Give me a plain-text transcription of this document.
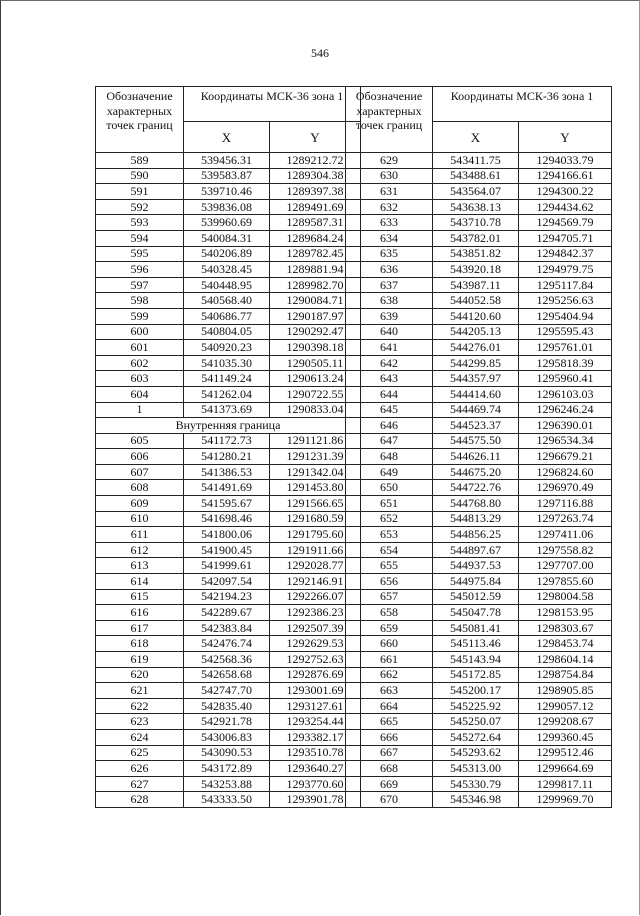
546
Обозначение характерных точек границ	Координаты МСК-36 зона 1	
	X	Y
589	539456.31	1289212.72
590	539583.87	1289304.38
591	539710.46	1289397.38
592	539836.08	1289491.69
593	539960.69	1289587.31
594	540084.31	1289684.24
595	540206.89	1289782.45
596	540328.45	1289881.94
597	540448.95	1289982.70
598	540568.40	1290084.71
599	540686.77	1290187.97
600	540804.05	1290292.47
601	540920.23	1290398.18
602	541035.30	1290505.11
603	541149.24	1290613.24
604	541262.04	1290722.55
1	541373.69	1290833.04
Внутренняя граница		
605	541172.73	1291121.86
606	541280.21	1291231.39
607	541386.53	1291342.04
608	541491.69	1291453.80
609	541595.67	1291566.65
610	541698.46	1291680.59
611	541800.06	1291795.60
612	541900.45	1291911.66
613	541999.61	1292028.77
614	542097.54	1292146.91
615	542194.23	1292266.07
616	542289.67	1292386.23
617	542383.84	1292507.39
618	542476.74	1292629.53
619	542568.36	1292752.63
620	542658.68	1292876.69
621	542747.70	1293001.69
622	542835.40	1293127.61
623	542921.78	1293254.44
624	543006.83	1293382.17
625	543090.53	1293510.78
626	543172.89	1293640.27
627	543253.88	1293770.60
628	543333.50	1293901.78
Обозначение характерных точек границ	Координаты МСК-36 зона 1	
	X	Y
629	543411.75	1294033.79
630	543488.61	1294166.61
631	543564.07	1294300.22
632	543638.13	1294434.62
633	543710.78	1294569.79
634	543782.01	1294705.71
635	543851.82	1294842.37
636	543920.18	1294979.75
637	543987.11	1295117.84
638	544052.58	1295256.63
639	544120.60	1295404.94
640	544205.13	1295595.43
641	544276.01	1295761.01
642	544299.85	1295818.39
643	544357.97	1295960.41
644	544414.60	1296103.03
645	544469.74	1296246.24
646	544523.37	1296390.01
647	544575.50	1296534.34
648	544626.11	1296679.21
649	544675.20	1296824.60
650	544722.76	1296970.49
651	544768.80	1297116.88
652	544813.29	1297263.74
653	544856.25	1297411.06
654	544897.67	1297558.82
655	544937.53	1297707.00
656	544975.84	1297855.60
657	545012.59	1298004.58
658	545047.78	1298153.95
659	545081.41	1298303.67
660	545113.46	1298453.74
661	545143.94	1298604.14
662	545172.85	1298754.84
663	545200.17	1298905.85
664	545225.92	1299057.12
665	545250.07	1299208.67
666	545272.64	1299360.45
667	545293.62	1299512.46
668	545313.00	1299664.69
669	545330.79	1299817.11
670	545346.98	1299969.70
